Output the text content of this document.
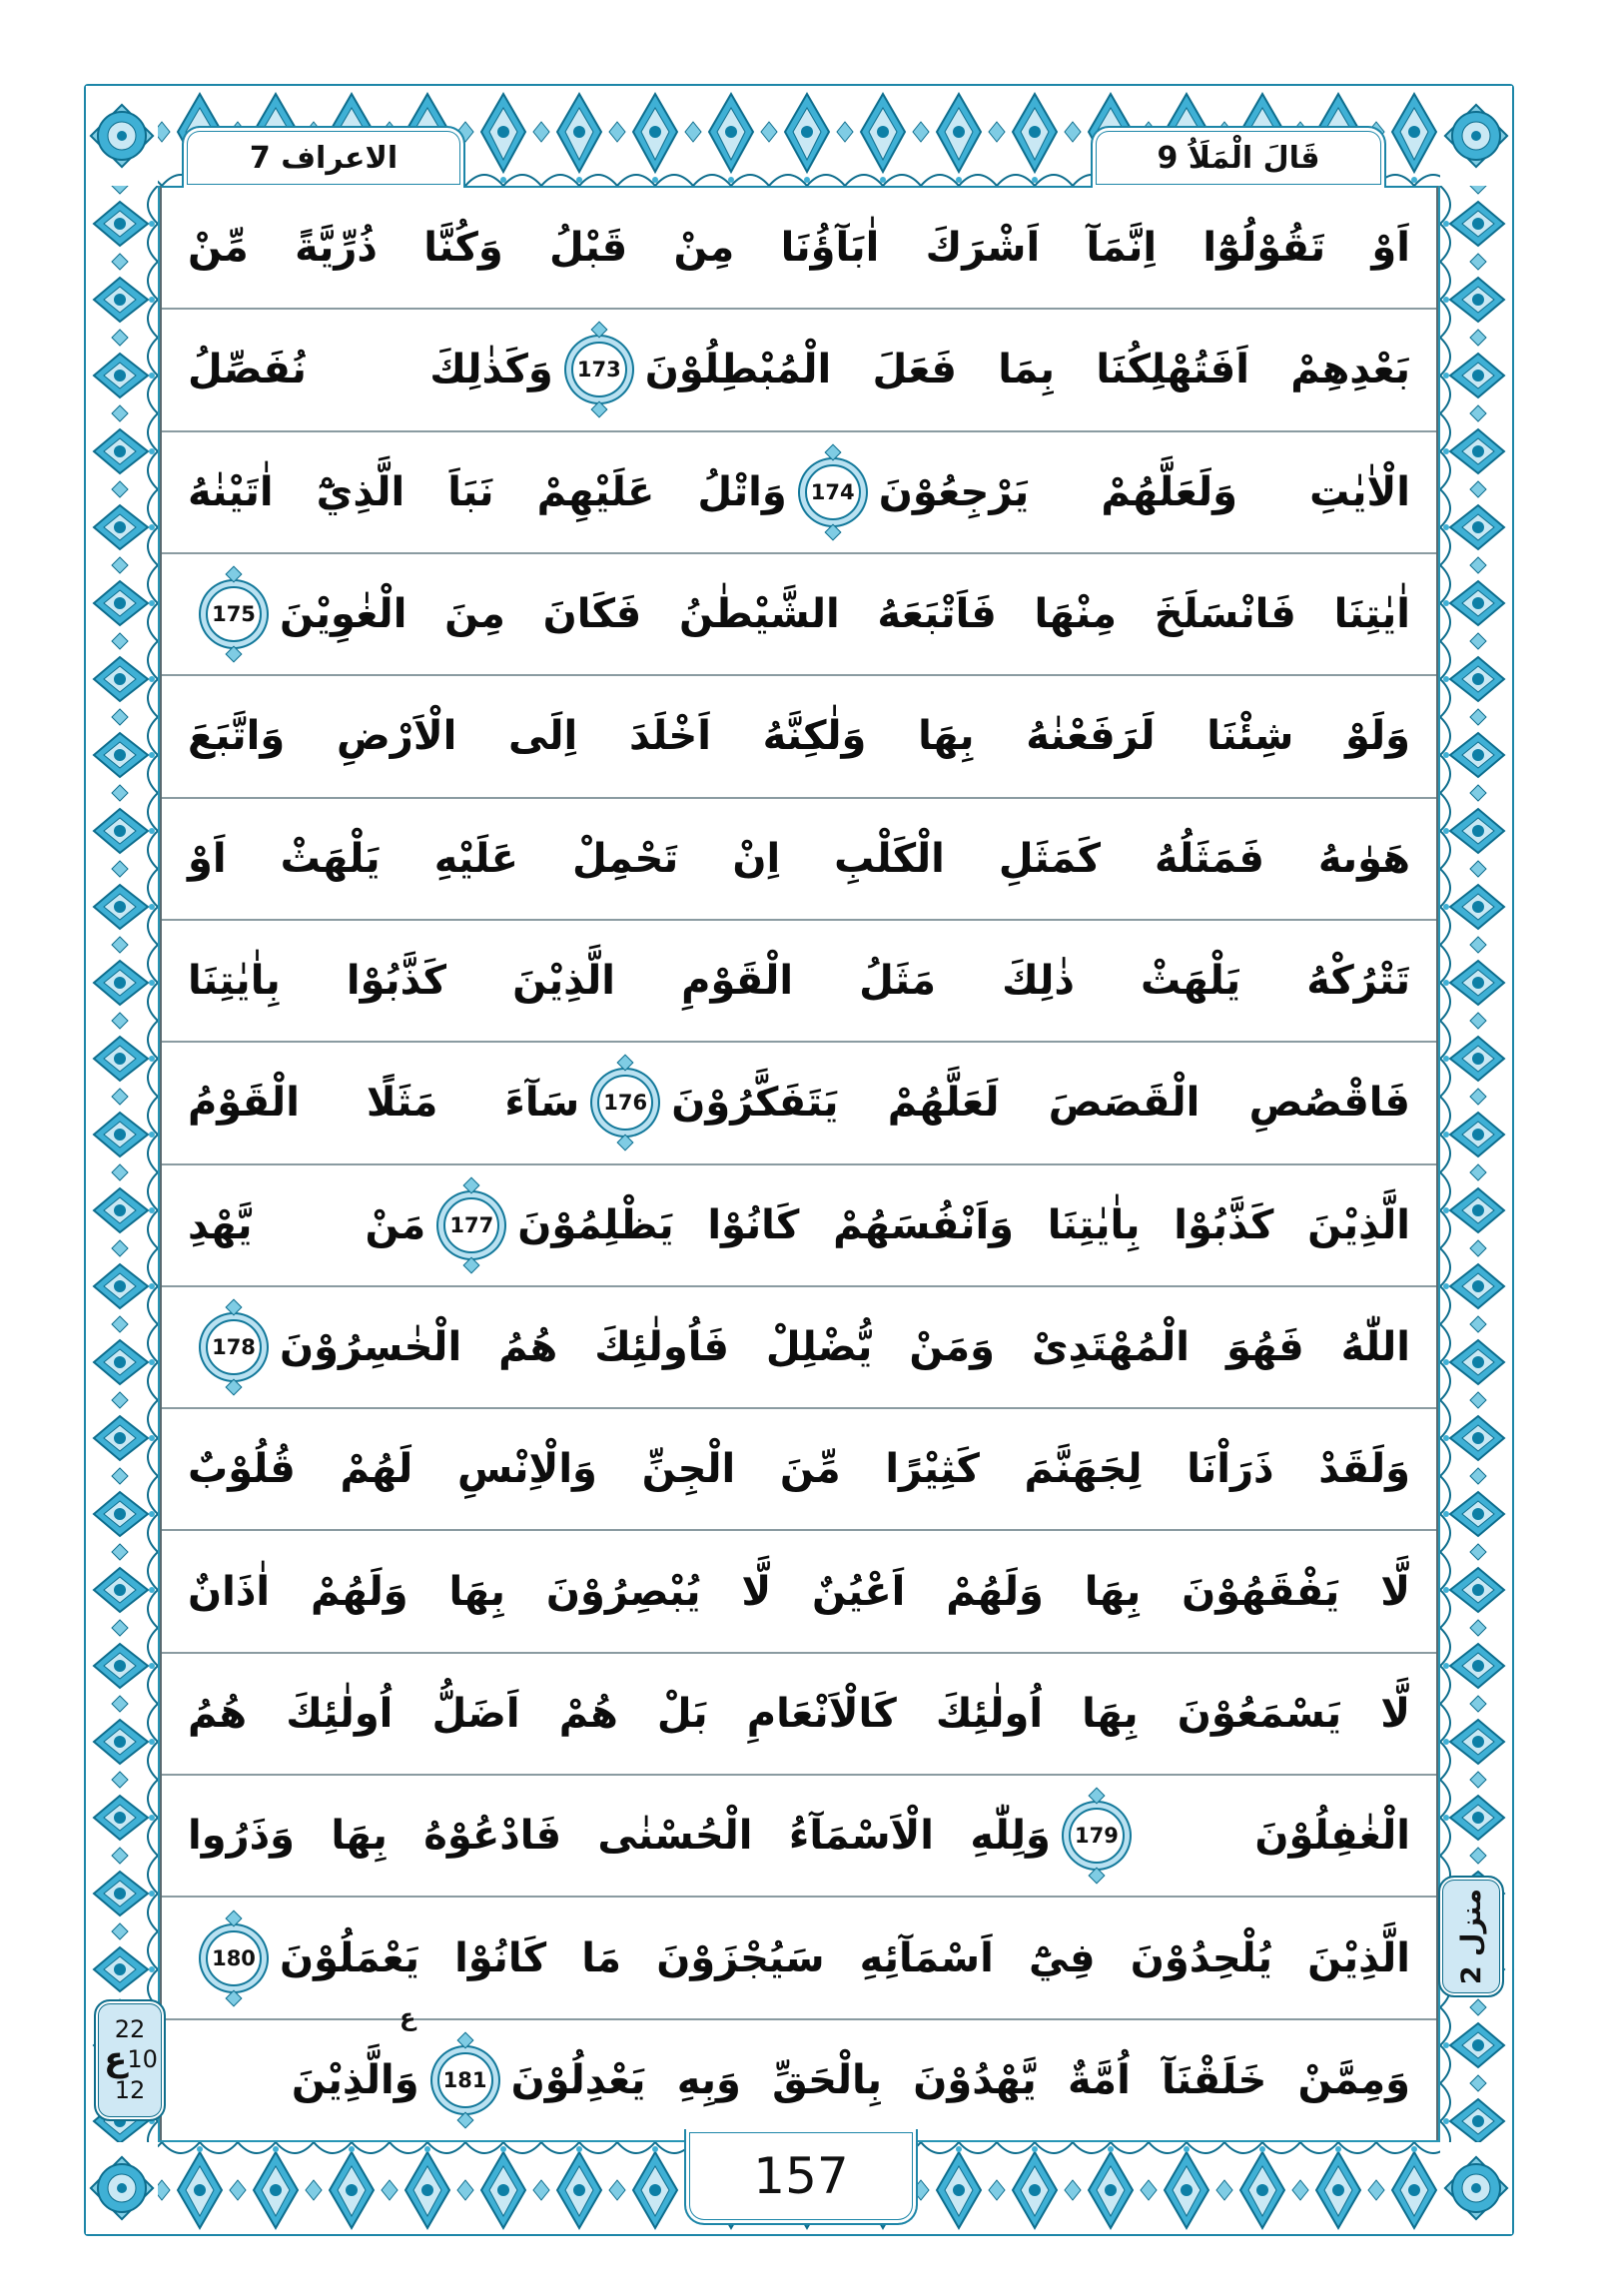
الاعراف 7	قَالَ الْمَلَاُ 9
اَوْ تَقُوْلُوْٓا اِنَّمَآ اَشْرَكَ اٰبَآؤُنَا مِنْ قَبْلُ وَكُنَّا ذُرِّيَّةً مِّنْ
بَعْدِهِمْ اَفَتُهْلِكُنَا بِمَا فَعَلَ الْمُبْطِلُوْنَ
173
وَكَذٰلِكَ نُفَصِّلُ
الْاٰيٰتِ وَلَعَلَّهُمْ يَرْجِعُوْنَ
174
وَاتْلُ عَلَيْهِمْ نَبَاَ الَّذِيْٓ اٰتَيْنٰهُ
اٰيٰتِنَا فَانْسَلَخَ مِنْهَا فَاَتْبَعَهُ الشَّيْطٰنُ فَكَانَ مِنَ الْغٰوِيْنَ
175
وَلَوْ شِئْنَا لَرَفَعْنٰهُ بِهَا وَلٰكِنَّهُ اَخْلَدَ اِلَى الْاَرْضِ وَاتَّبَعَ
هَوٰىهُ فَمَثَلُهُ كَمَثَلِ الْكَلْبِ اِنْ تَحْمِلْ عَلَيْهِ يَلْهَثْ اَوْ
تَتْرُكْهُ يَلْهَثْ ذٰلِكَ مَثَلُ الْقَوْمِ الَّذِيْنَ كَذَّبُوْا بِاٰيٰتِنَا
فَاقْصُصِ الْقَصَصَ لَعَلَّهُمْ يَتَفَكَّرُوْنَ
176
سَآءَ مَثَلًا الْقَوْمُ
الَّذِيْنَ كَذَّبُوْا بِاٰيٰتِنَا وَاَنْفُسَهُمْ كَانُوْا يَظْلِمُوْنَ
177
مَنْ يَّهْدِ
اللّٰهُ فَهُوَ الْمُهْتَدِىْ وَمَنْ يُّضْلِلْ فَاُولٰئِكَ هُمُ الْخٰسِرُوْنَ
178
وَلَقَدْ ذَرَاْنَا لِجَهَنَّمَ كَثِيْرًا مِّنَ الْجِنِّ وَالْاِنْسِ لَهُمْ قُلُوْبٌ
لَّا يَفْقَهُوْنَ بِهَا وَلَهُمْ اَعْيُنٌ لَّا يُبْصِرُوْنَ بِهَا وَلَهُمْ اٰذَانٌ
لَّا يَسْمَعُوْنَ بِهَا اُولٰئِكَ كَالْاَنْعَامِ بَلْ هُمْ اَضَلُّ اُولٰئِكَ هُمُ
الْغٰفِلُوْنَ
179
وَلِلّٰهِ الْاَسْمَآءُ الْحُسْنٰى فَادْعُوْهُ بِهَا وَذَرُوا
الَّذِيْنَ يُلْحِدُوْنَ فِيْٓ اَسْمَآئِهِ سَيُجْزَوْنَ مَا كَانُوْا يَعْمَلُوْنَ
180
وَمِمَّنْ خَلَقْنَآ اُمَّةٌ يَّهْدُوْنَ بِالْحَقِّ وَبِهِ يَعْدِلُوْنَ
181
وَالَّذِيْنَ
ع
منزل 2
22
ع 10
12
157
